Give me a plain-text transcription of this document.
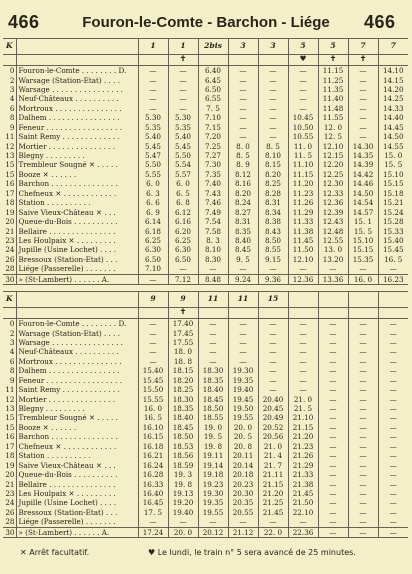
466	Fouron-le-Comte - Barchon - Liége	466
K		1	1	2bis	3	3	5	5	7	7
			✝				♥	✝	✝	
0	Fouron-le-Comte . . . . . . . . D.	—	—	6.40	—	—	—	11.15	—	14.10
2	Warsage (Station-Etat) . . . .	—	—	6.45	—	—	—	11.25	—	14.15
3	Warsage . . . . . . . . . . . . . . . .	—	—	6.50	—	—	—	11.35	—	14.20
4	Neuf-Châteaux . . . . . . . . . .	—	—	6.55	—	—	—	11.40	—	14.25
6	Mortroux . . . . . . . . . . . . . . .	—	—	7. 5	—	—	—	11.48	—	14.33
8	Dalhem . . . . . . . . . . . . . . . .	5.30	5.30	7.10	—	—	10.45	11.55	—	14.40
9	Feneur . . . . . . . . . . . . . . . . .	5.35	5.35	7.15	—	—	10.50	12. 0	—	14.45
11	Saint Remy . . . . . . . . . . . . .	5.40	5.40	7.20	—	—	10.55	12. 5	—	14.50
12	Mortier . . . . . . . . . . . . . . .	5.45	5.45	7.25	8. 0	8. 5	11. 0	12.10	14.30	14.55
13	Blegny . . . . . . . . .	5.47	5.50	7.27	8. 5	8.10	11. 5	12.15	14.35	15. 0
15	Trembleur Sougné ✕ . . . . .	5.50	5.54	7.30	8. 9	8.15	11.10	12.20	14.39	15. 5
15	Booze ✕ . . . . . .	5.55	5.57	7.35	8.12	8.20	11.15	12.25	14.42	15.10
16	Barchon . . . . . . . . . . . . . . .	6. 0	6. 0	7.40	8.16	8.25	11.20	12.30	14.46	15.15
17	Chefneux ✕ . . . . . . . . . . . .	6. 3	6. 5	7.43	8.20	8.28	11.23	12.33	14.50	15.18
18	Station . . . . . . . . . .	6. 6	6. 8	7.46	8.24	8.31	11.26	12.36	14.54	15.21
19	Saive Vieux-Château ✕ . . .	6. 9	6.12	7.49	8.27	8.34	11.29	12.39	14.57	15.24
20	Queue-du-Bois . . . . . . . . . .	6.14	6.16	7.54	8.31	8.38	11.33	12.43	15. 1	15.28
21	Bellaire . . . . . . . . . . . . . . .	6.18	6.20	7.58	8.35	8.43	11.38	12.48	15. 5	15.33
23	Les Houlpaix ✕ . . . . . . . . .	6.25	6.25	8. 3	8.40	8.50	11.45	12.55	15.10	15.40
24	Jupille (Usine Lochet) . . . .	6.30	6.30	8.10	8.45	8.55	11.50	13. 0	15.15	15.45
26	Bressoux (Station-Etat) . . .	6.50	6.50	8.30	9. 5	9.15	12.10	13.20	15.35	16. 5
28	Liége (Passerelle) . . . . . . .	7.10	—	—	—	—	—	—	—	—
30	» (St-Lambert) . . . . . . A.	—	7.12	8.48	9.24	9.36	12.36	13.36	16. 0	16.23
K		9	9	11	11	15				
			✝							
0	Fouron-le-Comte . . . . . . . . D.	—	17.40	—	—	—	—	—	—	—
2	Warsage (Station-Etat) . . . .	—	17.45	—	—	—	—	—	—	—
3	Warsage . . . . . . . . . . . . . . . .	—	17.55	—	—	—	—	—	—	—
4	Neuf-Châteaux . . . . . . . . . .	—	18. 0	—	—	—	—	—	—	—
6	Mortroux . . . . . . . . . . . . . . .	—	18. 8	—	—	—	—	—	—	—
8	Dalhem . . . . . . . . . . . . . . . .	15.40	18.15	18.30	19.30	—	—	—	—	—
9	Feneur . . . . . . . . . . . . . . . . .	15.45	18.20	18.35	19.35	—	—	—	—	—
11	Saint Remy . . . . . . . . . . . . .	15.50	18.25	18.40	19.40	—	—	—	—	—
12	Mortier . . . . . . . . . . . . . . .	15.55	18.30	18.45	19.45	20.40	21. 0	—	—	—
13	Blegny . . . . . . . . .	16. 0	18.35	18.50	19.50	20.45	21. 5	—	—	—
15	Trembleur Sougné ✕ . . . . .	16. 5	18.40	18.55	19.55	20.49	21.10	—	—	—
15	Booze ✕ . . . . . .	16.10	18.45	19. 0	20. 0	20.52	21.15	—	—	—
16	Barchon . . . . . . . . . . . . . . .	16.15	18.50	19. 5	20. 5	20.56	21.20	—	—	—
17	Chefneux ✕ . . . . . . . . . . . .	16.18	18.53	19. 8	20. 8	21. 0	21.23	—	—	—
18	Station . . . . . . . . . .	16.21	18.56	19.11	20.11	21. 4	21.26	—	—	—
19	Saive Vieux-Château ✕ . . .	16.24	18.59	19.14	20.14	21. 7	21.29	—	—	—
20	Queue-du-Bois . . . . . . . . . .	16.28	19. 3	19.18	20.18	21.11	21.33	—	—	—
21	Bellaire . . . . . . . . . . . . . . .	16.33	19. 8	19.23	20.23	21.15	21.38	—	—	—
23	Les Houlpaix ✕ . . . . . . . . .	16.40	19.13	19.30	20.30	21.20	21.45	—	—	—
24	Jupille (Usine Lochet) . . . .	16.45	19.20	19.35	20.35	21.25	21.50	—	—	—
26	Bressoux (Station-Etat) . . .	17. 5	19.40	19.55	20.55	21.45	22.10	—	—	—
28	Liége (Passerelle) . . . . . . .	—	—	—	—	—	—	—	—	—
30	» (St-Lambert) . . . . . . A.	17.24	20. 0	20.12	21.12	22. 0	22.36	—	—	—
✕ Arrêt facultatif.	♥ Le lundi, le train n° 5 sera avancé de 25 minutes.
